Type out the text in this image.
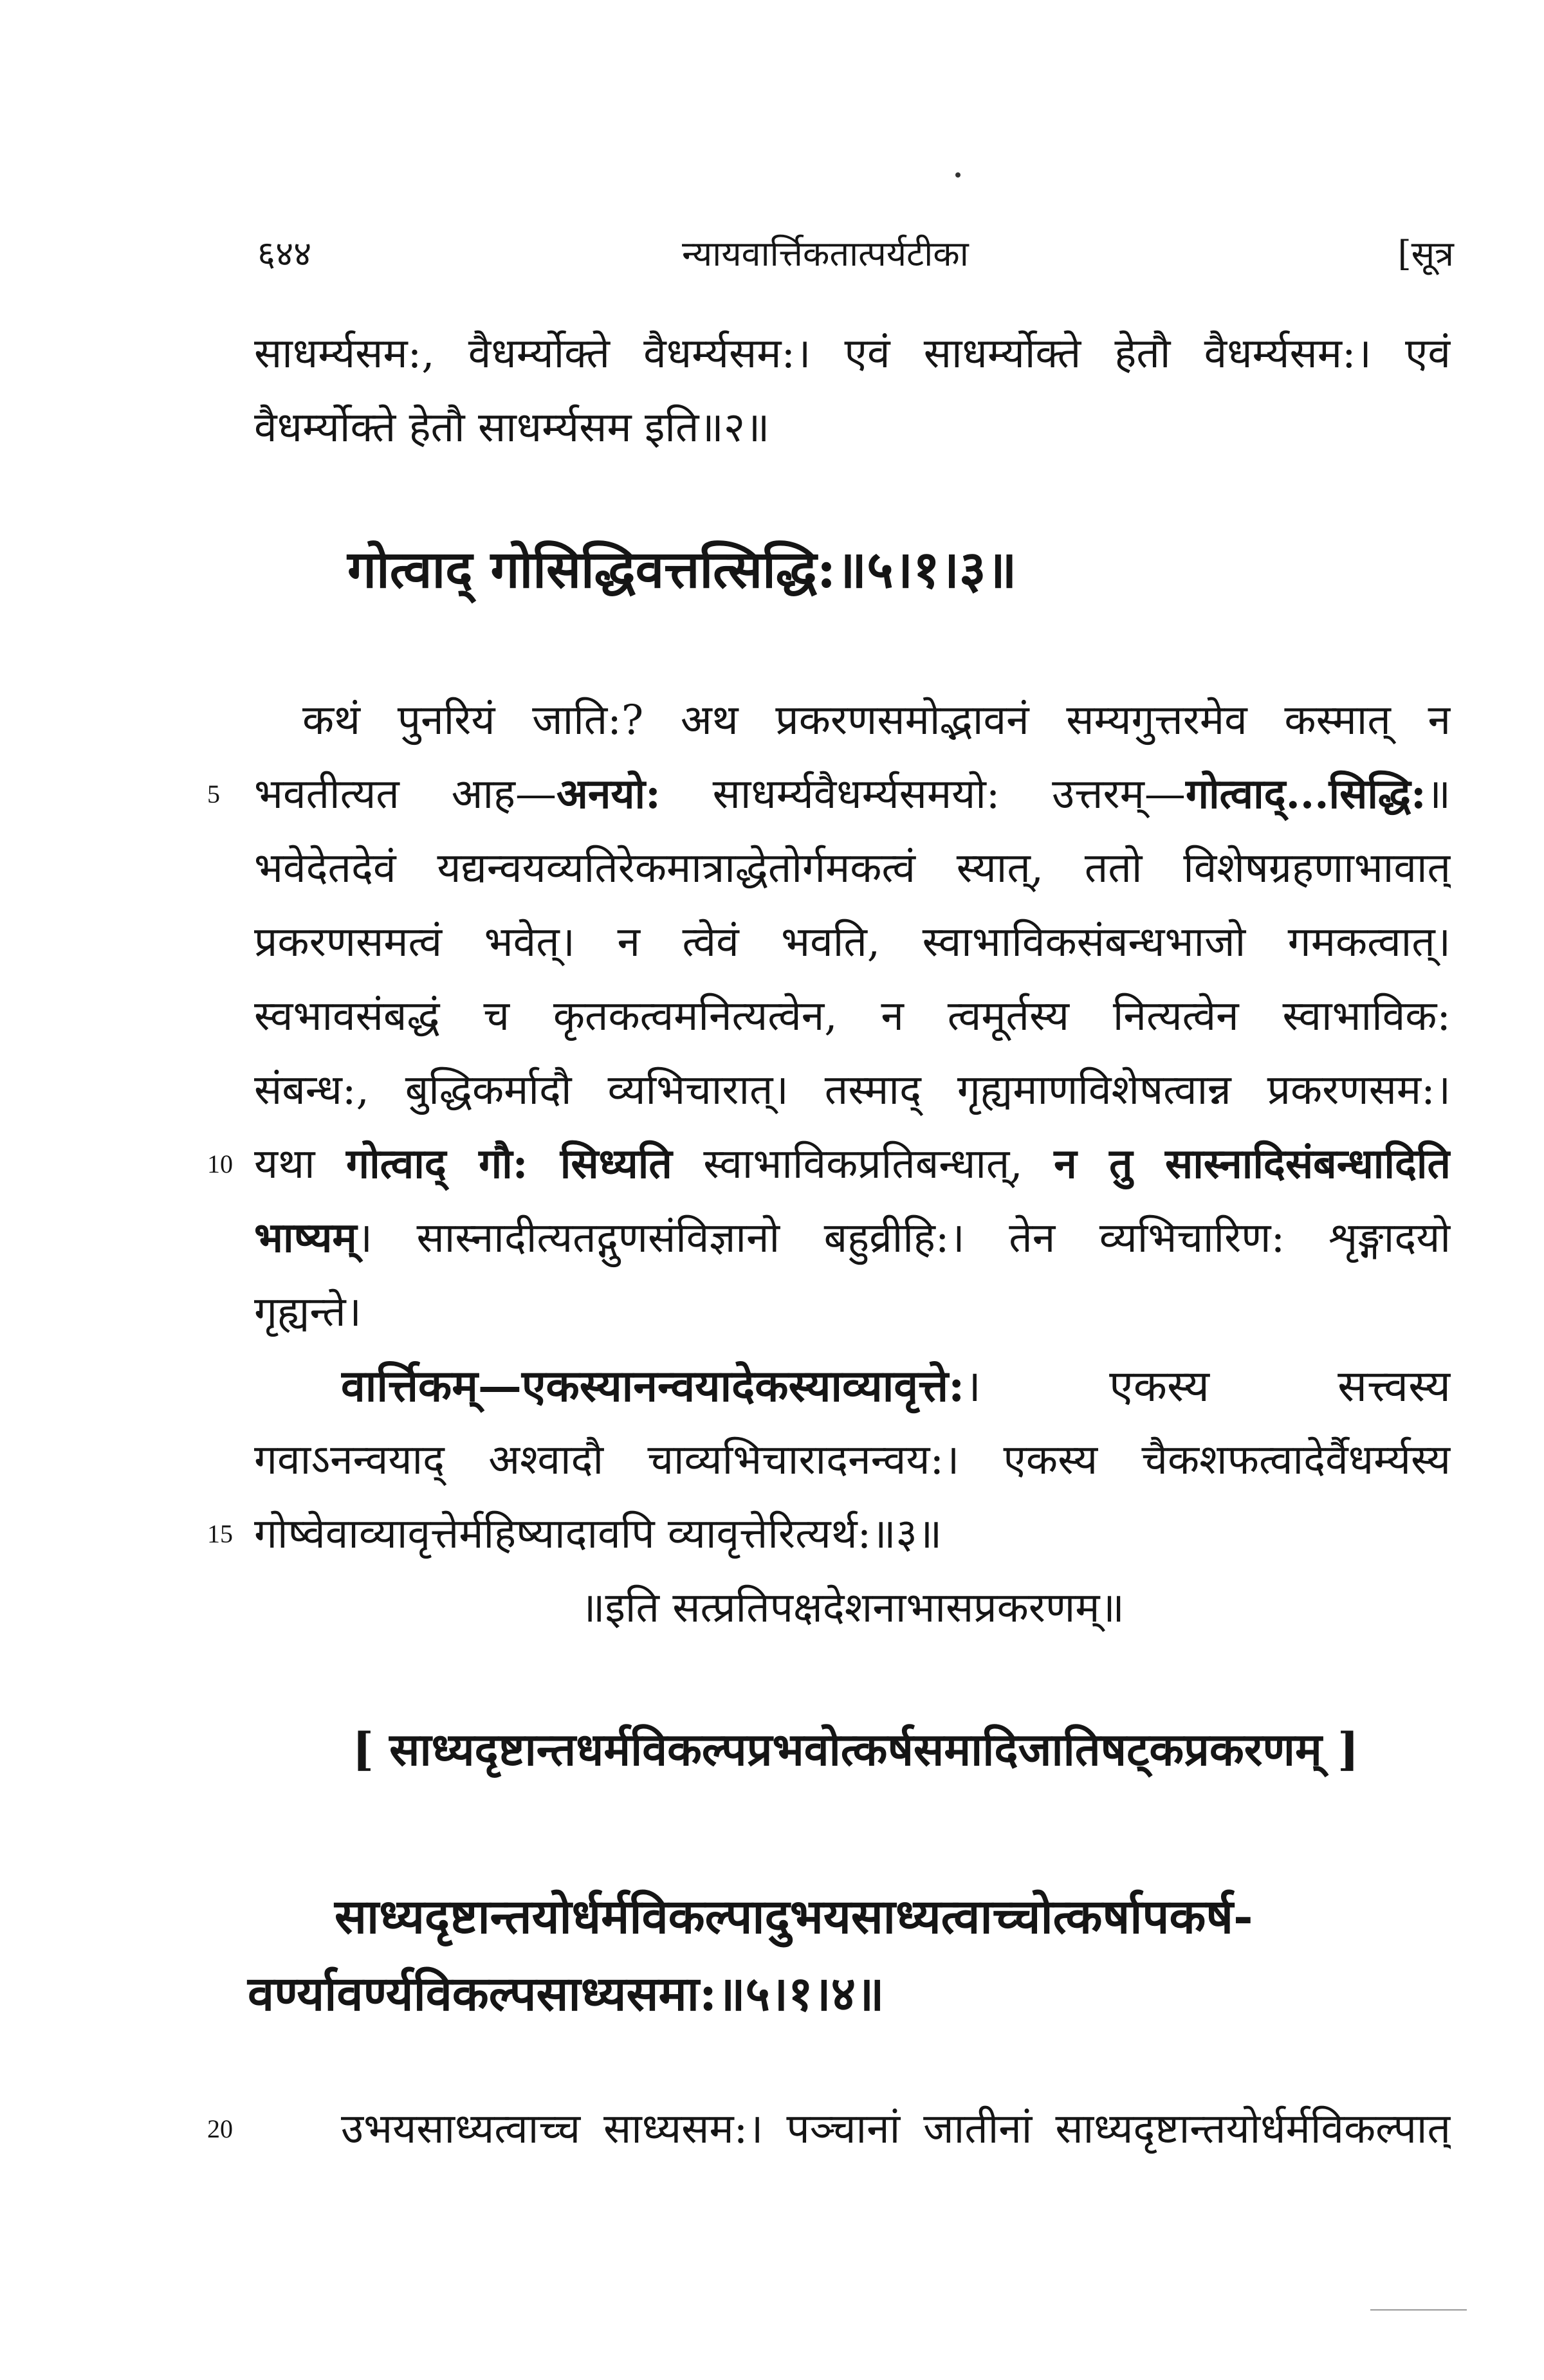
६४४	न्यायवार्त्तिकतात्पर्यटीका	[सूत्र
साधर्म्यसम:, वैधर्म्योक्ते वैधर्म्यसम:। एवं साधर्म्योक्ते हेतौ वैधर्म्यसम:। एवं
वैधर्म्योक्ते हेतौ साधर्म्यसम इति॥२॥
गोत्वाद् गोसिद्धिवत्तत्सिद्धि:॥५।१।३॥
कथं पुनरियं जाति:? अथ प्रकरणसमोद्भावनं सम्यगुत्तरमेव कस्मात् न
5 भवतीत्यत आह—अनयो: साधर्म्यवैधर्म्यसमयो: उत्तरम्—गोत्वाद्...सिद्धि:॥
भवेदेतदेवं यद्यन्वयव्यतिरेकमात्राद्धेतोर्गमकत्वं स्यात्, ततो विशेषग्रहणाभावात्
प्रकरणसमत्वं भवेत्। न त्वेवं भवति, स्वाभाविकसंबन्धभाजो गमकत्वात्।
स्वभावसंबद्धं च कृतकत्वमनित्यत्वेन, न त्वमूर्तस्य नित्यत्वेन स्वाभाविक:
संबन्ध:, बुद्धिकर्मादौ व्यभिचारात्। तस्माद् गृह्यमाणविशेषत्वान्न प्रकरणसम:।
10 यथा गोत्वाद् गौ: सिध्यति स्वाभाविकप्रतिबन्धात्, न तु सास्नादिसंबन्धादिति
भाष्यम्। सास्नादीत्यतद्गुणसंविज्ञानो बहुव्रीहि:। तेन व्यभिचारिण: शृङ्गादयो
गृह्यन्ते।
वार्त्तिकम्—एकस्यानन्वयादेकस्याव्यावृत्ते:। एकस्य सत्त्वस्य
गवाऽनन्वयाद् अश्वादौ चाव्यभिचारादनन्वय:। एकस्य चैकशफत्वादेर्वैधर्म्यस्य
15 गोष्वेवाव्यावृत्तेर्महिष्यादावपि व्यावृत्तेरित्यर्थ:॥३॥
॥इति सत्प्रतिपक्षदेशनाभासप्रकरणम्॥
[ साध्यदृष्टान्तधर्मविकल्पप्रभवोत्कर्षसमादिजातिषट्कप्रकरणम् ]
साध्यदृष्टान्तयोर्धर्मविकल्पादुभयसाध्यत्वाच्चोत्कर्षापकर्ष-
वर्ण्यावर्ण्यविकल्पसाध्यसमा:॥५।१।४॥
20	उभयसाध्यत्वाच्च साध्यसम:। पञ्चानां जातीनां साध्यदृष्टान्तयोर्धर्मविकल्पात्
